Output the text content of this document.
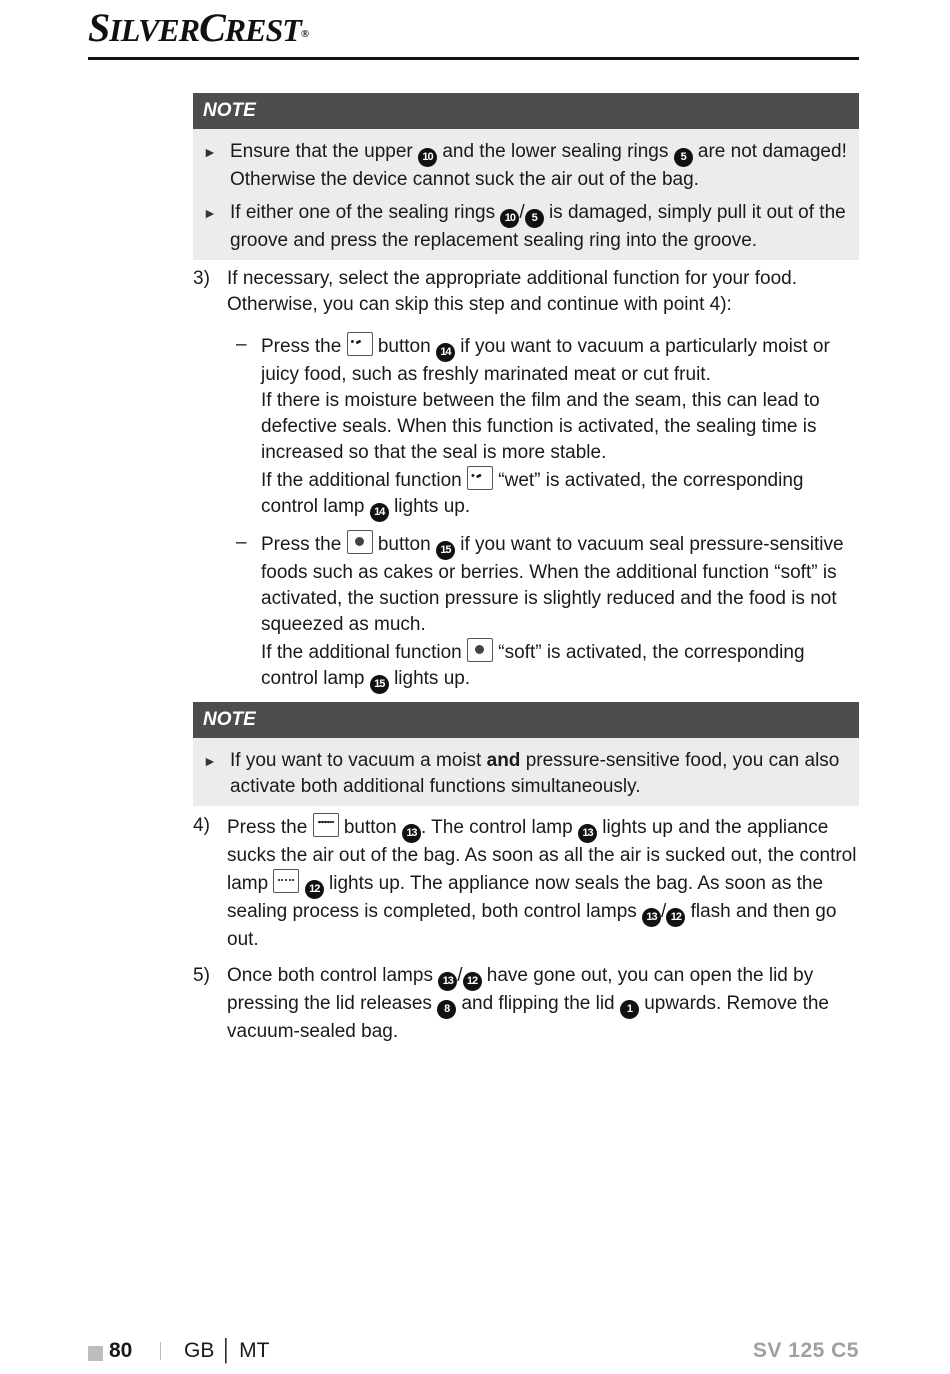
SILVERCREST®
NOTE
► Ensure that the upper 10 and the lower sealing rings 5 are not damaged! Otherwise the device cannot suck the air out of the bag.
► If either one of the sealing rings 10 / 5 is damaged, simply pull it out of the groove and press the replacement sealing ring into the groove.
3) If necessary, select the appropriate additional function for your food. Otherwise, you can skip this step and continue with point 4):
– Press the • • • button 14 if you want to vacuum a particularly moist or juicy food, such as freshly marinated meat or cut fruit.
If there is moisture between the film and the seam, this can lead to defective seals. When this function is activated, the sealing time is increased so that the seal is more stable.
If the additional function • • • “wet” is activated, the corresponding control lamp 14 lights up.
– Press the button 15 if you want to vacuum seal pressure-sensitive foods such as cakes or berries. When the additional function “soft” is activated, the suction pressure is slightly reduced and the food is not squeezed as much.
If the additional function “soft” is activated, the corresponding control lamp 15 lights up.
NOTE
► If you want to vacuum a moist and pressure-sensitive food, you can also activate both additional functions simultaneously.
4) Press the '''' button 13 . The control lamp 13 lights up and the appliance sucks the air out of the bag. As soon as all the air is sucked out, the control lamp	12 lights up. The appliance now seals the bag. As soon as the sealing process is completed, both control lamps 13 / 12 flash and then go out.
5) Once both control lamps 13 / 12 have gone out, you can open the lid by pressing the lid releases 8 and flipping the lid 1 upwards. Remove the vacuum-sealed bag.
80 GB │ MT	SV 125 C5
